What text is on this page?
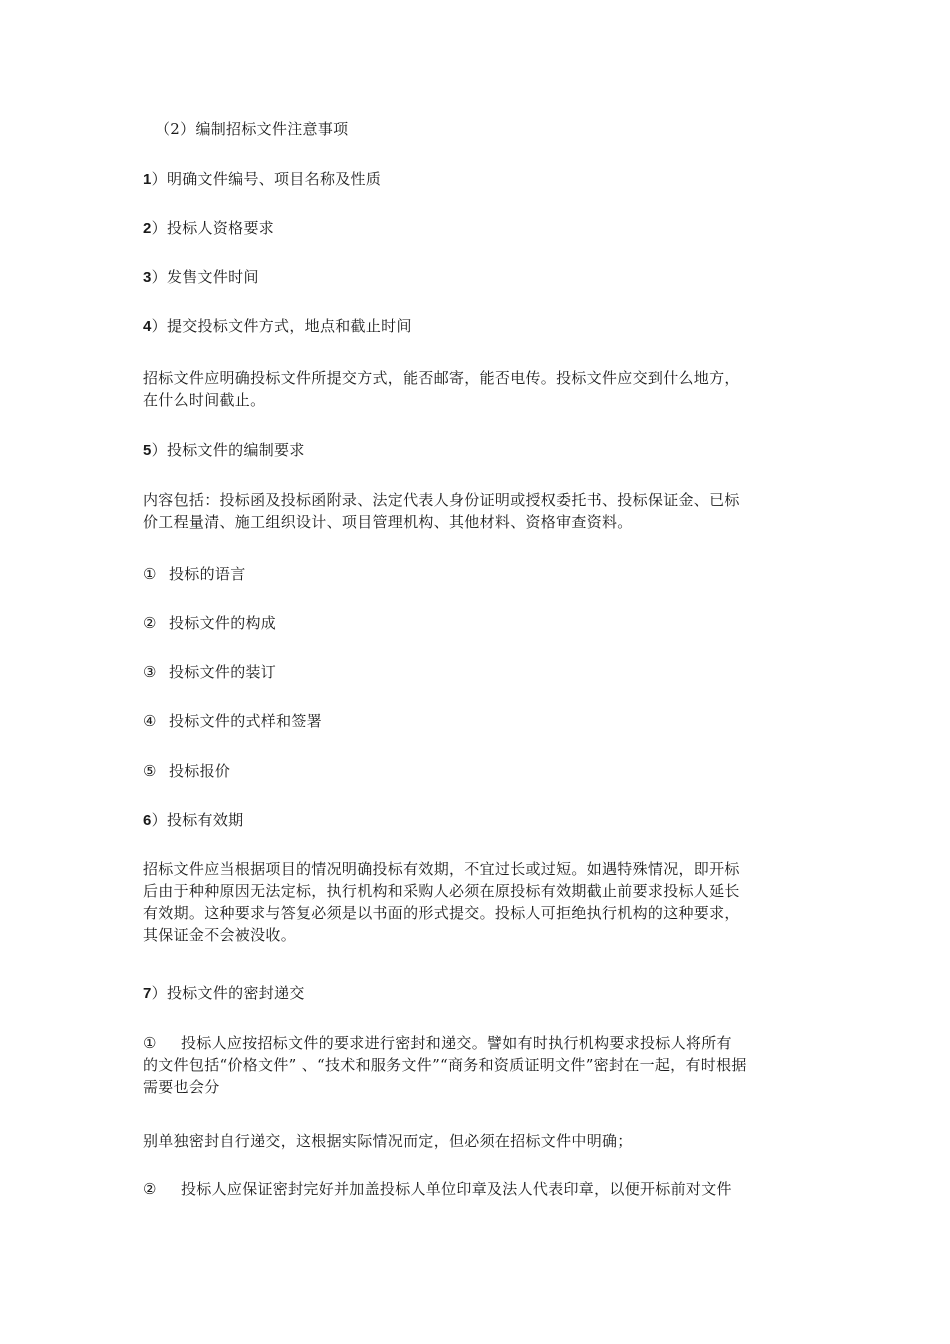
（2）编制招标文件注意事项
1）明确文件编号、项目名称及性质
2）投标人资格要求
3）发售文件时间
4）提交投标文件方式，地点和截止时间
招标文件应明确投标文件所提交方式，能否邮寄，能否电传。投标文件应交到什么地方，
在什么时间截止。
5）投标文件的编制要求
内容包括：投标函及投标函附录、法定代表人身份证明或授权委托书、投标保证金、已标
价工程量清、施工组织设计、项目管理机构、其他材料、资格审查资料。
① 投标的语言
② 投标文件的构成
③ 投标文件的装订
④ 投标文件的式样和签署
⑤ 投标报价
6）投标有效期
招标文件应当根据项目的情况明确投标有效期，不宜过长或过短。如遇特殊情况，即开标
后由于种种原因无法定标，执行机构和采购人必须在原投标有效期截止前要求投标人延长
有效期。这种要求与答复必须是以书面的形式提交。投标人可拒绝执行机构的这种要求，
其保证金不会被没收。
7）投标文件的密封递交
① 投标人应按招标文件的要求进行密封和递交。譬如有时执行机构要求投标人将所有
的文件包括“价格文件” 、“技术和服务文件”“商务和资质证明文件”密封在一起，有时根据
需要也会分
别单独密封自行递交，这根据实际情况而定，但必须在招标文件中明确；
② 投标人应保证密封完好并加盖投标人单位印章及法人代表印章，以便开标前对文件
